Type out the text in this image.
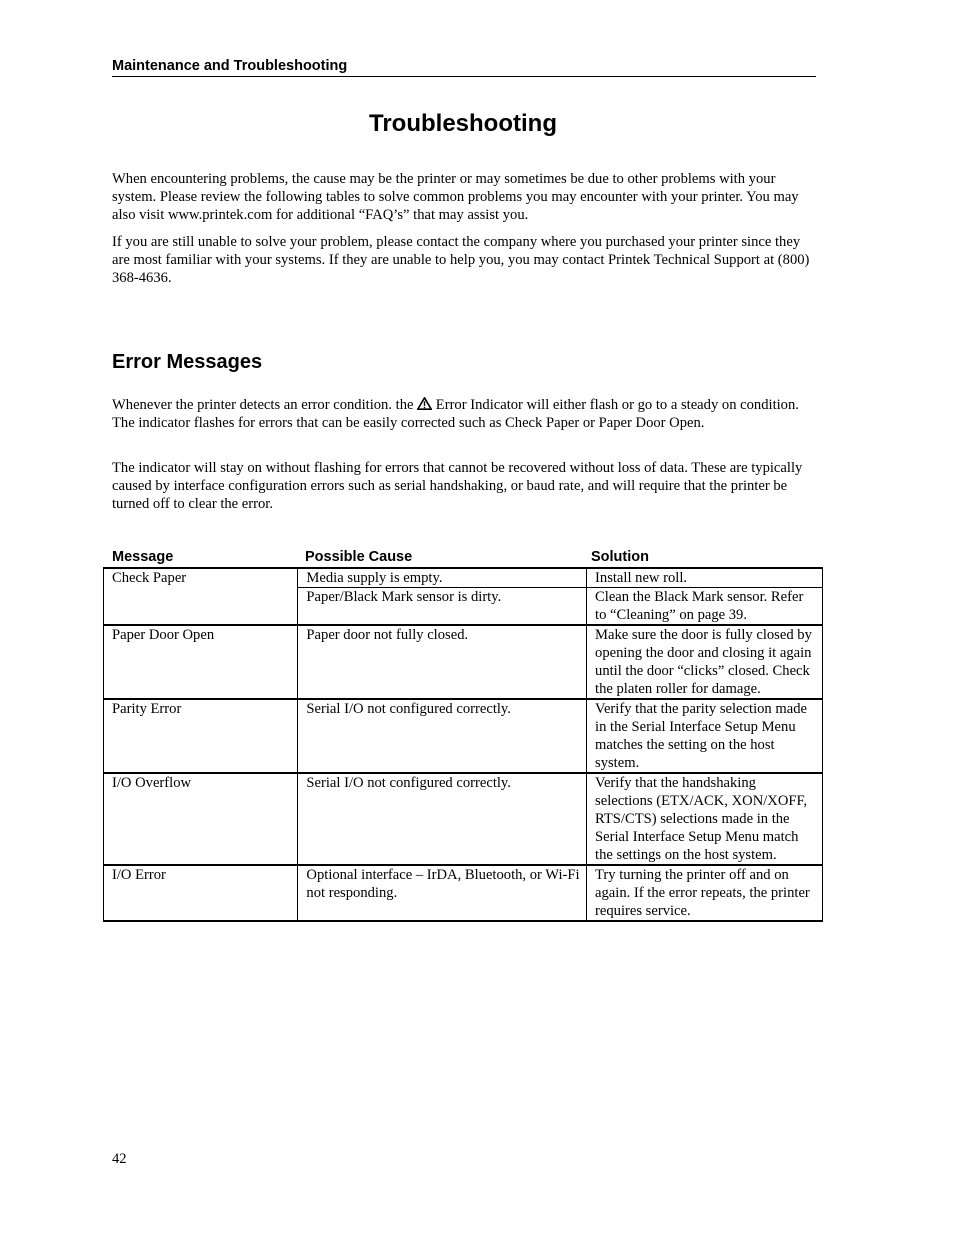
Maintenance and Troubleshooting
Troubleshooting

When encountering problems, the cause may be the printer or may sometimes be due to other problems with your system. Please review the following tables to solve common problems you may encounter with your printer. You may also visit www.printek.com for additional “FAQ’s” that may assist you.

If you are still unable to solve your problem, please contact the company where you purchased your printer since they are most familiar with your systems. If they are unable to help you, you may contact Printek Technical Support at (800) 368-4636.

Error Messages

Whenever the printer detects an error condition. the Error Indicator will either flash or go to a steady on condition. The indicator flashes for errors that can be easily corrected such as Check Paper or Paper Door Open.

The indicator will stay on without flashing for errors that cannot be recovered without loss of data. These are typically caused by interface configuration errors such as serial handshaking, or baud rate, and will require that the printer be turned off to clear the error.

Message	Possible Cause	Solution
Check Paper	Media supply is empty.	Install new roll.
	Paper/Black Mark sensor is dirty.	Clean the Black Mark sensor. Refer to “Cleaning” on page 39.
Paper Door Open	Paper door not fully closed.	Make sure the door is fully closed by opening the door and closing it again until the door “clicks” closed. Check the platen roller for damage.
Parity Error	Serial I/O not configured correctly.	Verify that the parity selection made in the Serial Interface Setup Menu matches the setting on the host system.
I/O Overflow	Serial I/O not configured correctly.	Verify that the handshaking selections (ETX/ACK, XON/XOFF, RTS/CTS) selections made in the Serial Interface Setup Menu match the settings on the host system.
I/O Error	Optional interface – IrDA, Bluetooth, or Wi-Fi not responding.	Try turning the printer off and on again. If the error repeats, the printer requires service.
42
